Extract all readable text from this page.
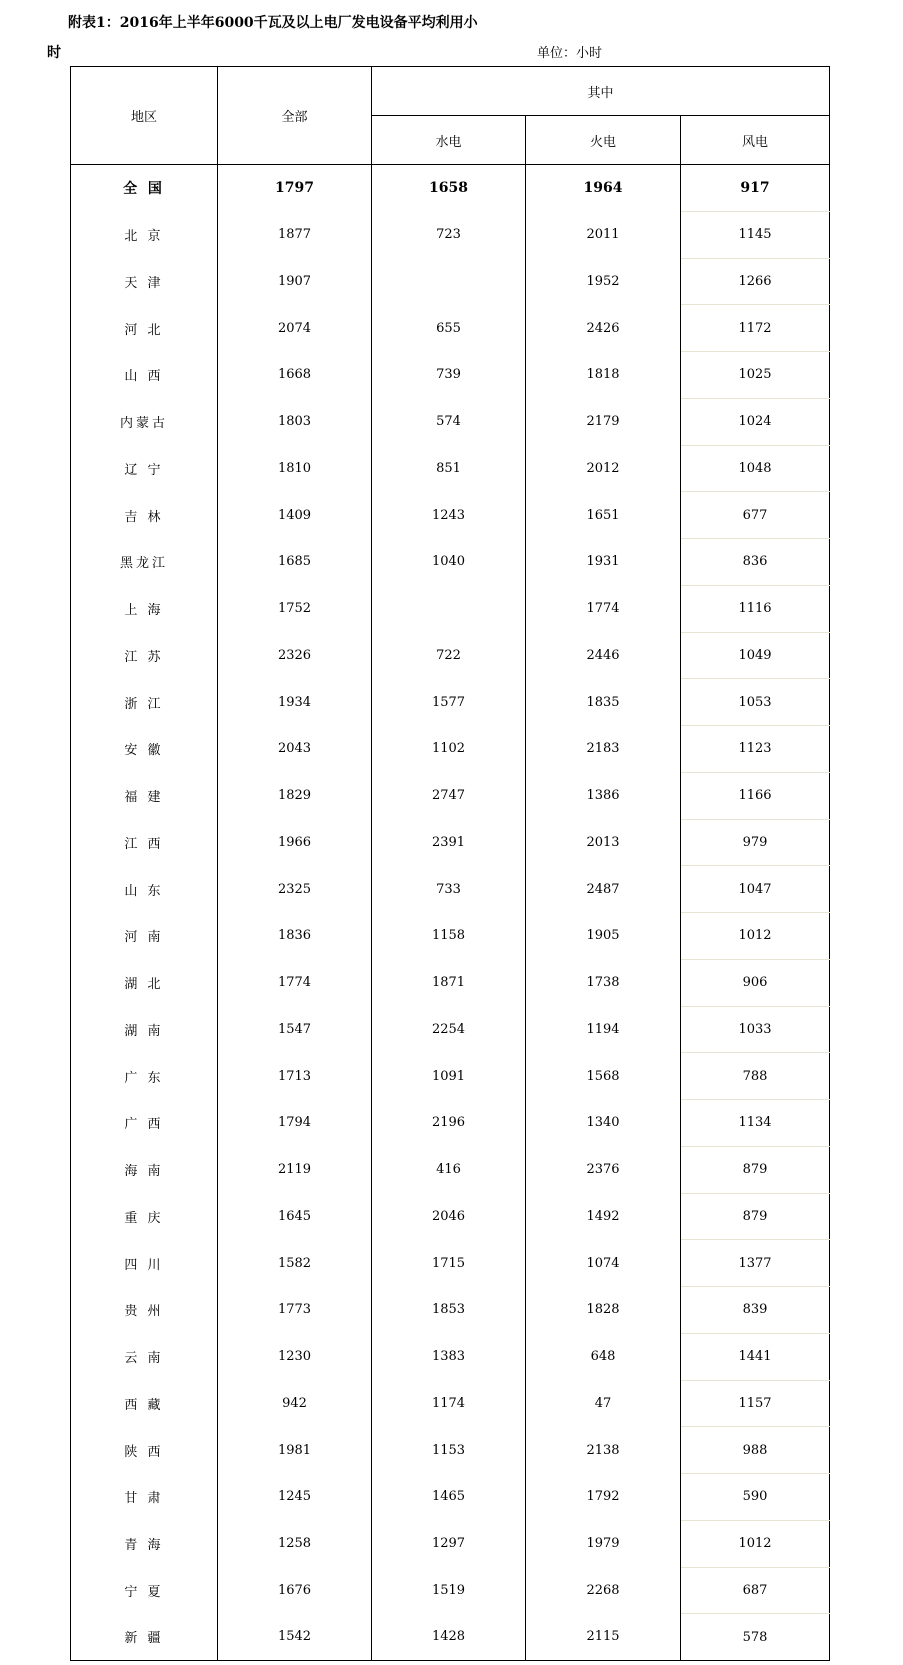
附表1：2016年上半年6000千瓦及以上电厂发电设备平均利用小
时	单位：小时
地区	全部	其中		
		水电	火电	风电
全 国	1797	1658	1964	917
北 京	1877	723	2011	1145
天 津	1907		1952	1266
河 北	2074	655	2426	1172
山 西	1668	739	1818	1025
内蒙古	1803	574	2179	1024
辽 宁	1810	851	2012	1048
吉 林	1409	1243	1651	677
黑龙江	1685	1040	1931	836
上 海	1752		1774	1116
江 苏	2326	722	2446	1049
浙 江	1934	1577	1835	1053
安 徽	2043	1102	2183	1123
福 建	1829	2747	1386	1166
江 西	1966	2391	2013	979
山 东	2325	733	2487	1047
河 南	1836	1158	1905	1012
湖 北	1774	1871	1738	906
湖 南	1547	2254	1194	1033
广 东	1713	1091	1568	788
广 西	1794	2196	1340	1134
海 南	2119	416	2376	879
重 庆	1645	2046	1492	879
四 川	1582	1715	1074	1377
贵 州	1773	1853	1828	839
云 南	1230	1383	648	1441
西 藏	942	1174	47	1157
陕 西	1981	1153	2138	988
甘 肃	1245	1465	1792	590
青 海	1258	1297	1979	1012
宁 夏	1676	1519	2268	687
新 疆	1542	1428	2115	578
